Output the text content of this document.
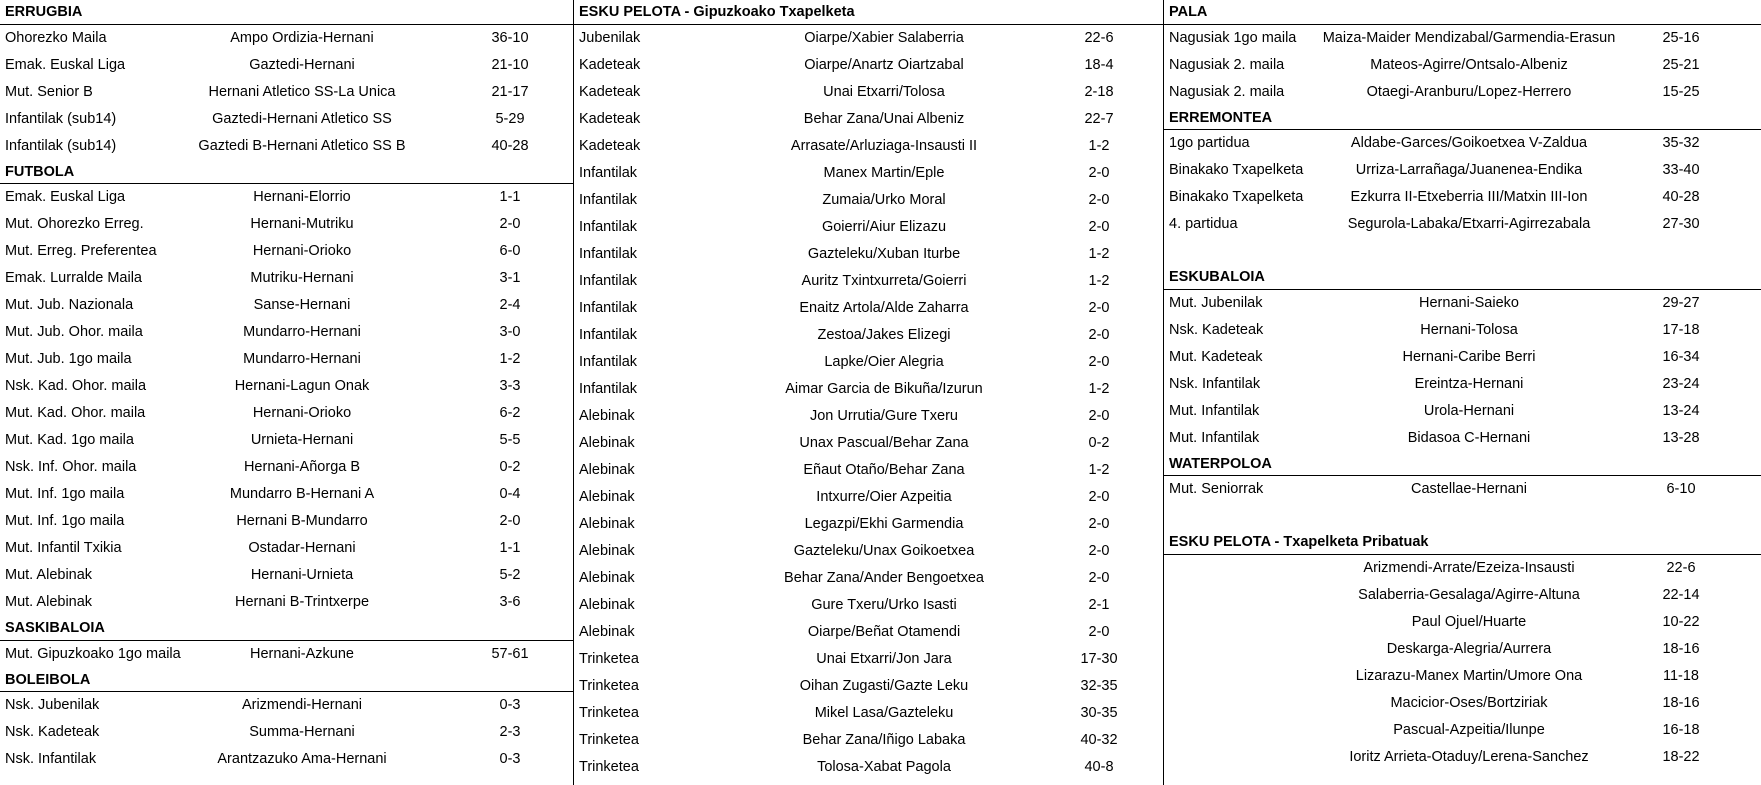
ERRUGBIA
Ohorezko Maila	Ampo Ordizia-Hernani	36-10
Emak. Euskal Liga	Gaztedi-Hernani	21-10
Mut. Senior B	Hernani Atletico SS-La Unica	21-17
Infantilak (sub14)	Gaztedi-Hernani Atletico SS	5-29
Infantilak (sub14)	Gaztedi B-Hernani Atletico SS B	40-28
FUTBOLA
Emak. Euskal Liga	Hernani-Elorrio	1-1
Mut. Ohorezko Erreg.	Hernani-Mutriku	2-0
Mut. Erreg. Preferentea	Hernani-Orioko	6-0
Emak. Lurralde Maila	Mutriku-Hernani	3-1
Mut. Jub. Nazionala	Sanse-Hernani	2-4
Mut. Jub. Ohor. maila	Mundarro-Hernani	3-0
Mut. Jub. 1go maila	Mundarro-Hernani	1-2
Nsk. Kad. Ohor. maila	Hernani-Lagun Onak	3-3
Mut. Kad. Ohor. maila	Hernani-Orioko	6-2
Mut. Kad. 1go maila	Urnieta-Hernani	5-5
Nsk. Inf. Ohor. maila	Hernani-Añorga B	0-2
Mut. Inf. 1go maila	Mundarro B-Hernani A	0-4
Mut. Inf. 1go maila	Hernani B-Mundarro	2-0
Mut. Infantil Txikia	Ostadar-Hernani	1-1
Mut. Alebinak	Hernani-Urnieta	5-2
Mut. Alebinak	Hernani B-Trintxerpe	3-6
SASKIBALOIA
Mut. Gipuzkoako 1go maila	Hernani-Azkune	57-61
BOLEIBOLA
Nsk. Jubenilak	Arizmendi-Hernani	0-3
Nsk. Kadeteak	Summa-Hernani	2-3
Nsk. Infantilak	Arantzazuko Ama-Hernani	0-3
ESKU PELOTA - Gipuzkoako Txapelketa
Jubenilak	Oiarpe/Xabier Salaberria	22-6
Kadeteak	Oiarpe/Anartz Oiartzabal	18-4
Kadeteak	Unai Etxarri/Tolosa	2-18
Kadeteak	Behar Zana/Unai Albeniz	22-7
Kadeteak	Arrasate/Arluziaga-Insausti II	1-2
Infantilak	Manex Martin/Eple	2-0
Infantilak	Zumaia/Urko Moral	2-0
Infantilak	Goierri/Aiur Elizazu	2-0
Infantilak	Gazteleku/Xuban Iturbe	1-2
Infantilak	Auritz Txintxurreta/Goierri	1-2
Infantilak	Enaitz Artola/Alde Zaharra	2-0
Infantilak	Zestoa/Jakes Elizegi	2-0
Infantilak	Lapke/Oier Alegria	2-0
Infantilak	Aimar Garcia de Bikuña/Izurun	1-2
Alebinak	Jon Urrutia/Gure Txeru	2-0
Alebinak	Unax Pascual/Behar Zana	0-2
Alebinak	Eñaut Otaño/Behar Zana	1-2
Alebinak	Intxurre/Oier Azpeitia	2-0
Alebinak	Legazpi/Ekhi Garmendia	2-0
Alebinak	Gazteleku/Unax Goikoetxea	2-0
Alebinak	Behar Zana/Ander Bengoetxea	2-0
Alebinak	Gure Txeru/Urko Isasti	2-1
Alebinak	Oiarpe/Beñat Otamendi	2-0
Trinketea	Unai Etxarri/Jon Jara	17-30
Trinketea	Oihan Zugasti/Gazte Leku	32-35
Trinketea	Mikel Lasa/Gazteleku	30-35
Trinketea	Behar Zana/Iñigo Labaka	40-32
Trinketea	Tolosa-Xabat Pagola	40-8
PALA
Nagusiak 1go maila	Maiza-Maider Mendizabal/Garmendia-Erasun	25-16
Nagusiak 2. maila	Mateos-Agirre/Ontsalo-Albeniz	25-21
Nagusiak 2. maila	Otaegi-Aranburu/Lopez-Herrero	15-25
ERREMONTEA
1go partidua	Aldabe-Garces/Goikoetxea V-Zaldua	35-32
Binakako Txapelketa	Urriza-Larrañaga/Juanenea-Endika	33-40
Binakako Txapelketa	Ezkurra II-Etxeberria III/Matxin III-Ion	40-28
4. partidua	Segurola-Labaka/Etxarri-Agirrezabala	27-30
ESKUBALOIA
Mut. Jubenilak	Hernani-Saieko	29-27
Nsk. Kadeteak	Hernani-Tolosa	17-18
Mut. Kadeteak	Hernani-Caribe Berri	16-34
Nsk. Infantilak	Ereintza-Hernani	23-24
Mut. Infantilak	Urola-Hernani	13-24
Mut. Infantilak	Bidasoa C-Hernani	13-28
WATERPOLOA
Mut. Seniorrak	Castellae-Hernani	6-10
ESKU PELOTA - Txapelketa Pribatuak
Arizmendi-Arrate/Ezeiza-Insausti	22-6
Salaberria-Gesalaga/Agirre-Altuna	22-14
Paul Ojuel/Huarte	10-22
Deskarga-Alegria/Aurrera	18-16
Lizarazu-Manex Martin/Umore Ona	11-18
Macicior-Oses/Bortziriak	18-16
Pascual-Azpeitia/Ilunpe	16-18
Ioritz Arrieta-Otaduy/Lerena-Sanchez	18-22
